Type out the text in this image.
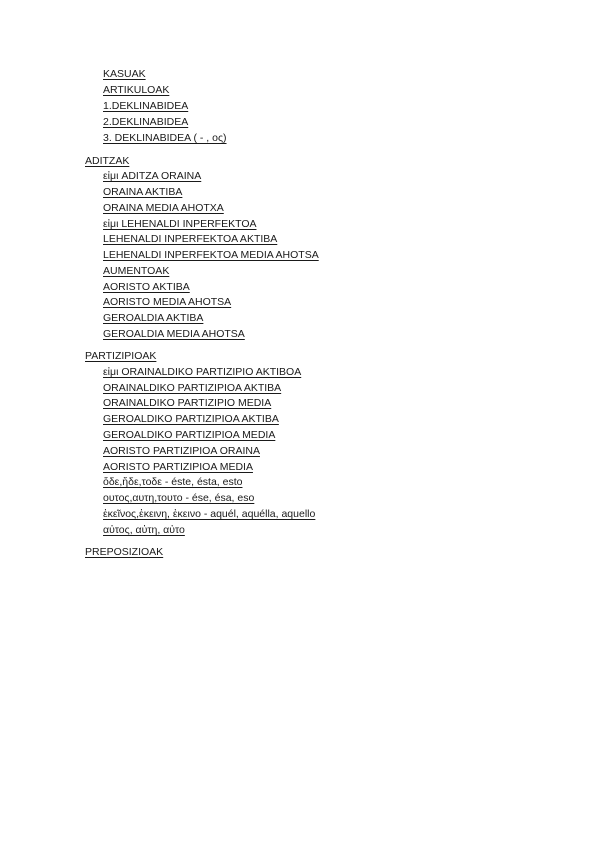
KASUAK
ARTIKULOAK
1.DEKLINABIDEA
2.DEKLINABIDEA
3. DEKLINABIDEA ( - , ος)
ADITZAK
εἰμι ADITZA ORAINA
ORAINA AKTIBA
ORAINA MEDIA AHOTXA
εἰμι LEHENALDI INPERFEKTOA
LEHENALDI INPERFEKTOA AKTIBA
LEHENALDI INPERFEKTOA MEDIA AHOTSA
AUMENTOAK
AORISTO AKTIBA
AORISTO MEDIA AHOTSA
GEROALDIA AKTIBA
GEROALDIA MEDIA AHOTSA
PARTIZIPIOAK
εἰμι ORAINALDIKO PARTIZIPIO AKTIBOA
ORAINALDIKO PARTIZIPIOA AKTIBA
ORAINALDIKO PARTIZIPIO MEDIA
GEROALDIKO PARTIZIPIOA AKTIBA
GEROALDIKO PARTIZIPIOA MEDIA
AORISTO PARTIZIPIOA ORAINA
AORISTO PARTIZIPIOA MEDIA
ὅδε,ἥδε,τοδε - éste, ésta, esto
ουτος,αυτη,τουτο - ése, ésa, eso
ἐκεῖνος,ἐκεινη, ἐκεινο - aquél, aquélla, aquello
αὐτος, αὐτη, αὐτο
PREPOSIZIOAK
